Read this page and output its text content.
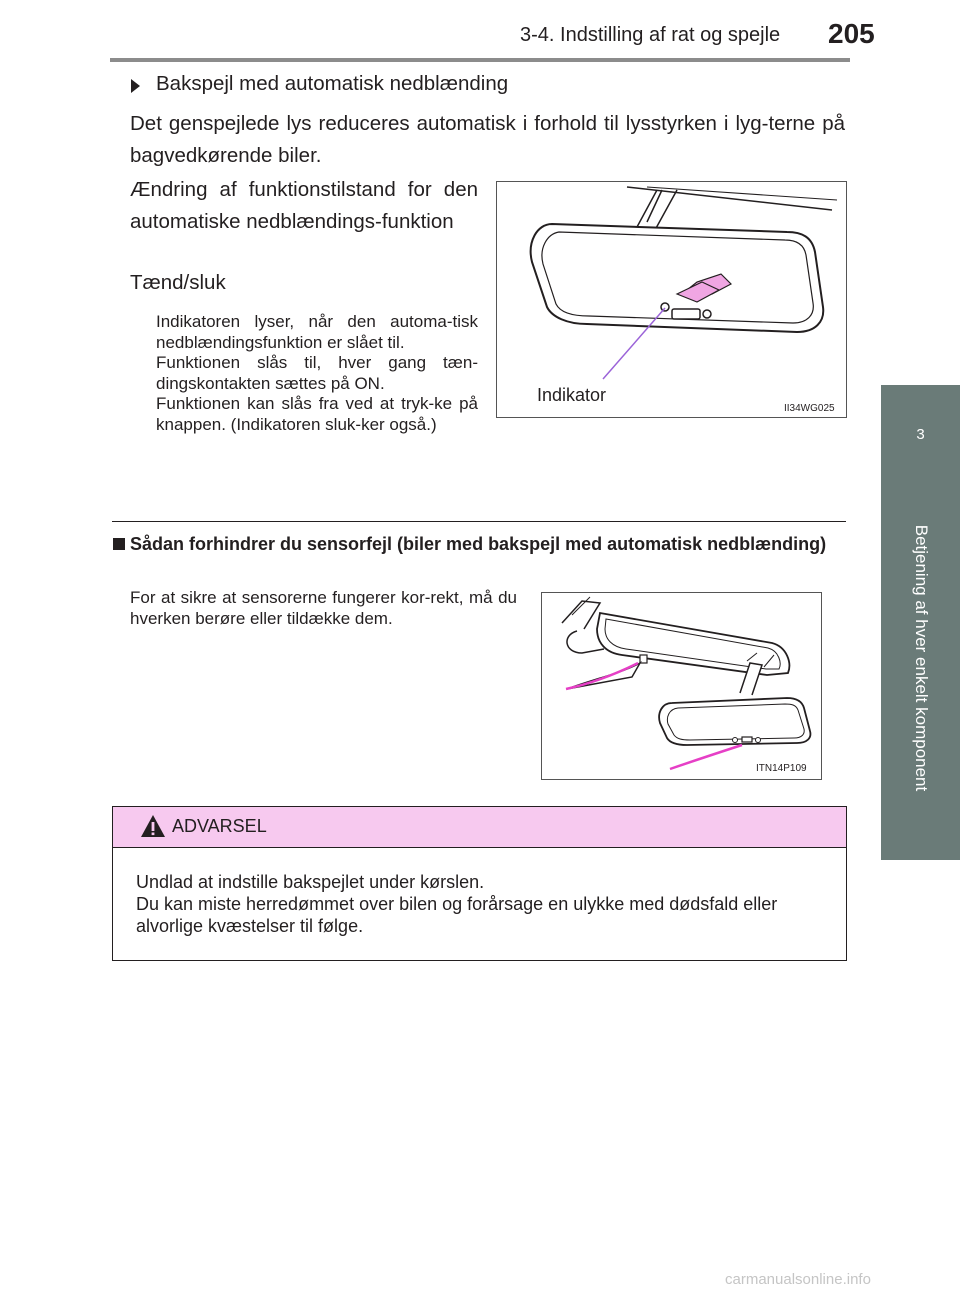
3-4. Indstilling af rat og spejle 205
3
Betjening af hver enkelt komponent
Bakspejl med automatisk nedblænding
Det genspejlede lys reduceres automatisk i forhold til lysstyrken i lyg-terne på bagvedkørende biler.
Ændring af funktionstilstand for den automatiske nedblændings-funktion
Tænd/sluk

Indikatoren lyser, når den automa-tisk nedblændingsfunktion er slået til.

Funktionen slås til, hver gang tæn-dingskontakten sættes på ON.

Funktionen kan slås fra ved at tryk-ke på knappen. (Indikatoren sluk-ker også.)

Indikator
II34WG025
Sådan forhindrer du sensorfejl (biler med bakspejl med automatisk nedblænding)
For at sikre at sensorerne fungerer kor-rekt, må du hverken berøre eller tildække dem.
ITN14P109
ADVARSEL

Undlad at indstille bakspejlet under kørslen.

Du kan miste herredømmet over bilen og forårsage en ulykke med dødsfald eller alvorlige kvæstelser til følge.

carmanualsonline.info
